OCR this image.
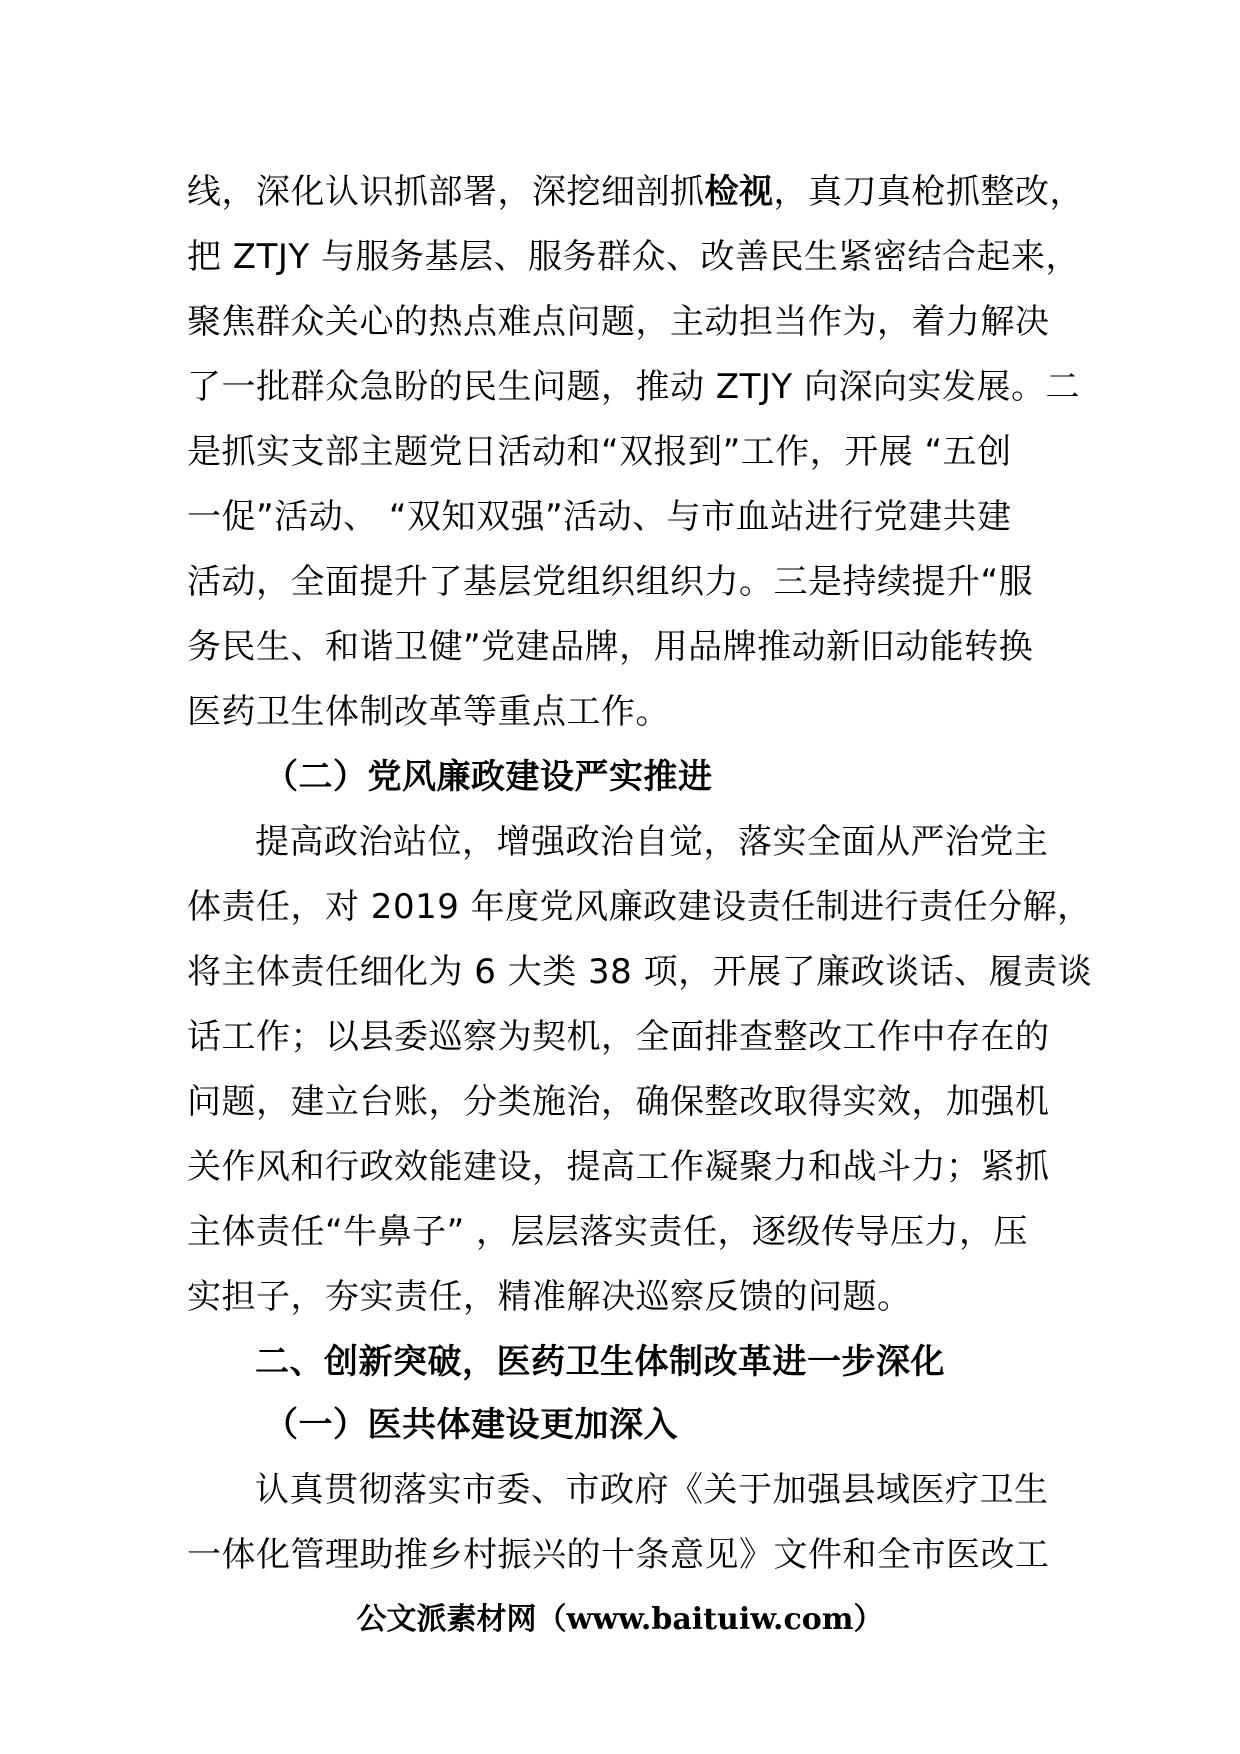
线，深化认识抓部署，深挖细剖抓检视，真刀真枪抓整改，
把 ZTJY 与服务基层、服务群众、改善民生紧密结合起来，
聚焦群众关心的热点难点问题，主动担当作为，着力解决
了一批群众急盼的民生问题，推动 ZTJY 向深向实发展。二
是抓实支部主题党日活动和“双报到”工作，开展 “五创
一促”活动、 “双知双强”活动、与市血站进行党建共建
活动，全面提升了基层党组织组织力。三是持续提升“服
务民生、和谐卫健”党建品牌，用品牌推动新旧动能转换
医药卫生体制改革等重点工作。
（二）党风廉政建设严实推进
提高政治站位，增强政治自觉，落实全面从严治党主
体责任，对 2019 年度党风廉政建设责任制进行责任分解，
将主体责任细化为 6 大类 38 项，开展了廉政谈话、履责谈
话工作；以县委巡察为契机，全面排查整改工作中存在的
问题，建立台账，分类施治，确保整改取得实效，加强机
关作风和行政效能建设，提高工作凝聚力和战斗力；紧抓
主体责任“牛鼻子” ，层层落实责任，逐级传导压力，压
实担子，夯实责任，精准解决巡察反馈的问题。
二、创新突破，医药卫生体制改革进一步深化
（一）医共体建设更加深入
认真贯彻落实市委、市政府《关于加强县域医疗卫生
一体化管理助推乡村振兴的十条意见》文件和全市医改工
公文派素材网（www.baituiw.com）
